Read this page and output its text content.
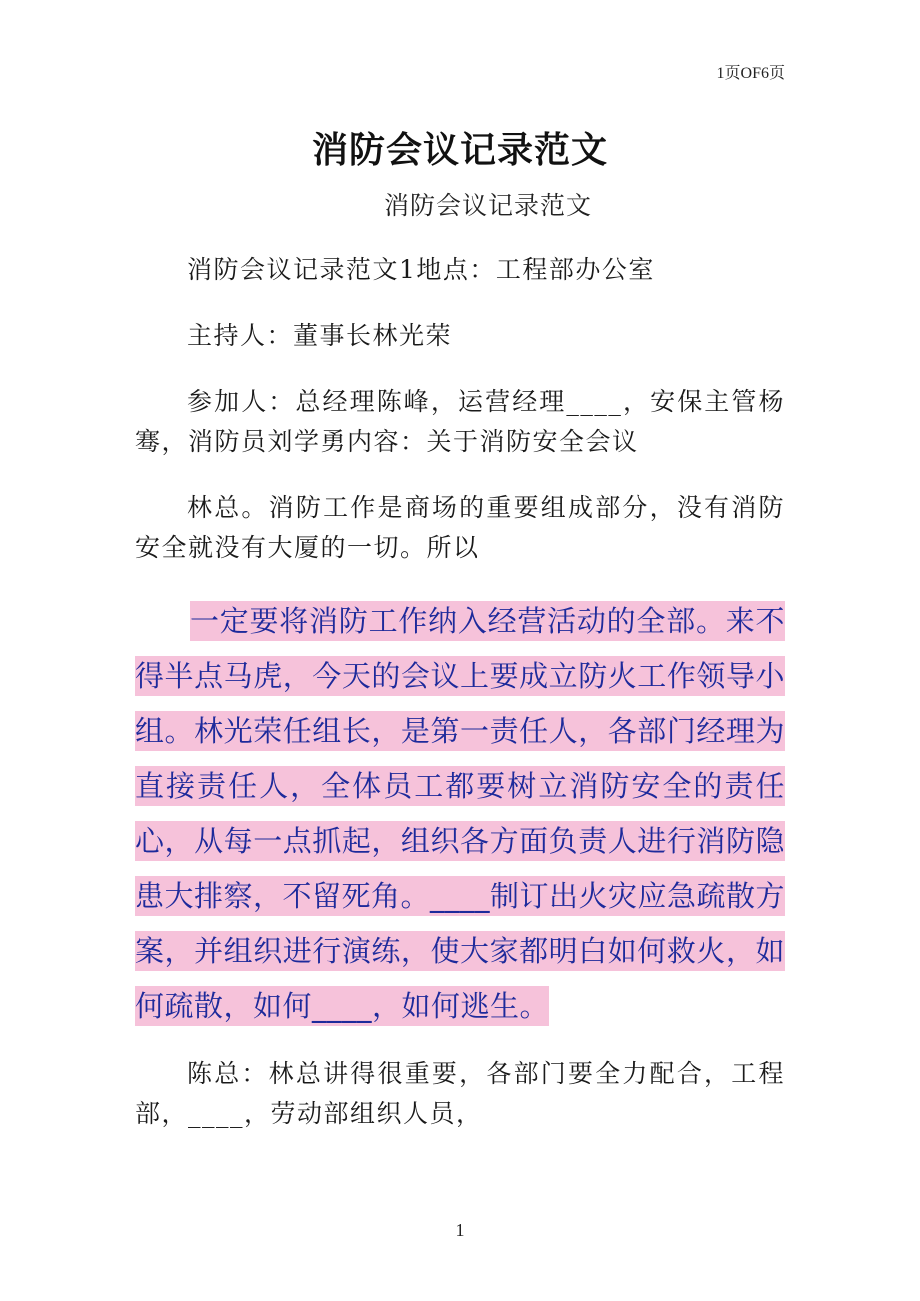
1页OF6页
消防会议记录范文
消防会议记录范文

消防会议记录范文1地点：工程部办公室

主持人：董事长林光荣

参加人：总经理陈峰，运营经理____，安保主管杨骞，消防员刘学勇内容：关于消防安全会议

林总。消防工作是商场的重要组成部分，没有消防安全就没有大厦的一切。所以

一定要将消防工作纳入经营活动的全部。来不得半点马虎，今天的会议上要成立防火工作领导小组。林光荣任组长，是第一责任人，各部门经理为直接责任人，全体员工都要树立消防安全的责任心，从每一点抓起，组织各方面负责人进行消防隐患大排察，不留死角。____制订出火灾应急疏散方案，并组织进行演练，使大家都明白如何救火，如何疏散，如何____，如何逃生。

陈总：林总讲得很重要，各部门要全力配合，工程部，____，劳动部组织人员，

1
